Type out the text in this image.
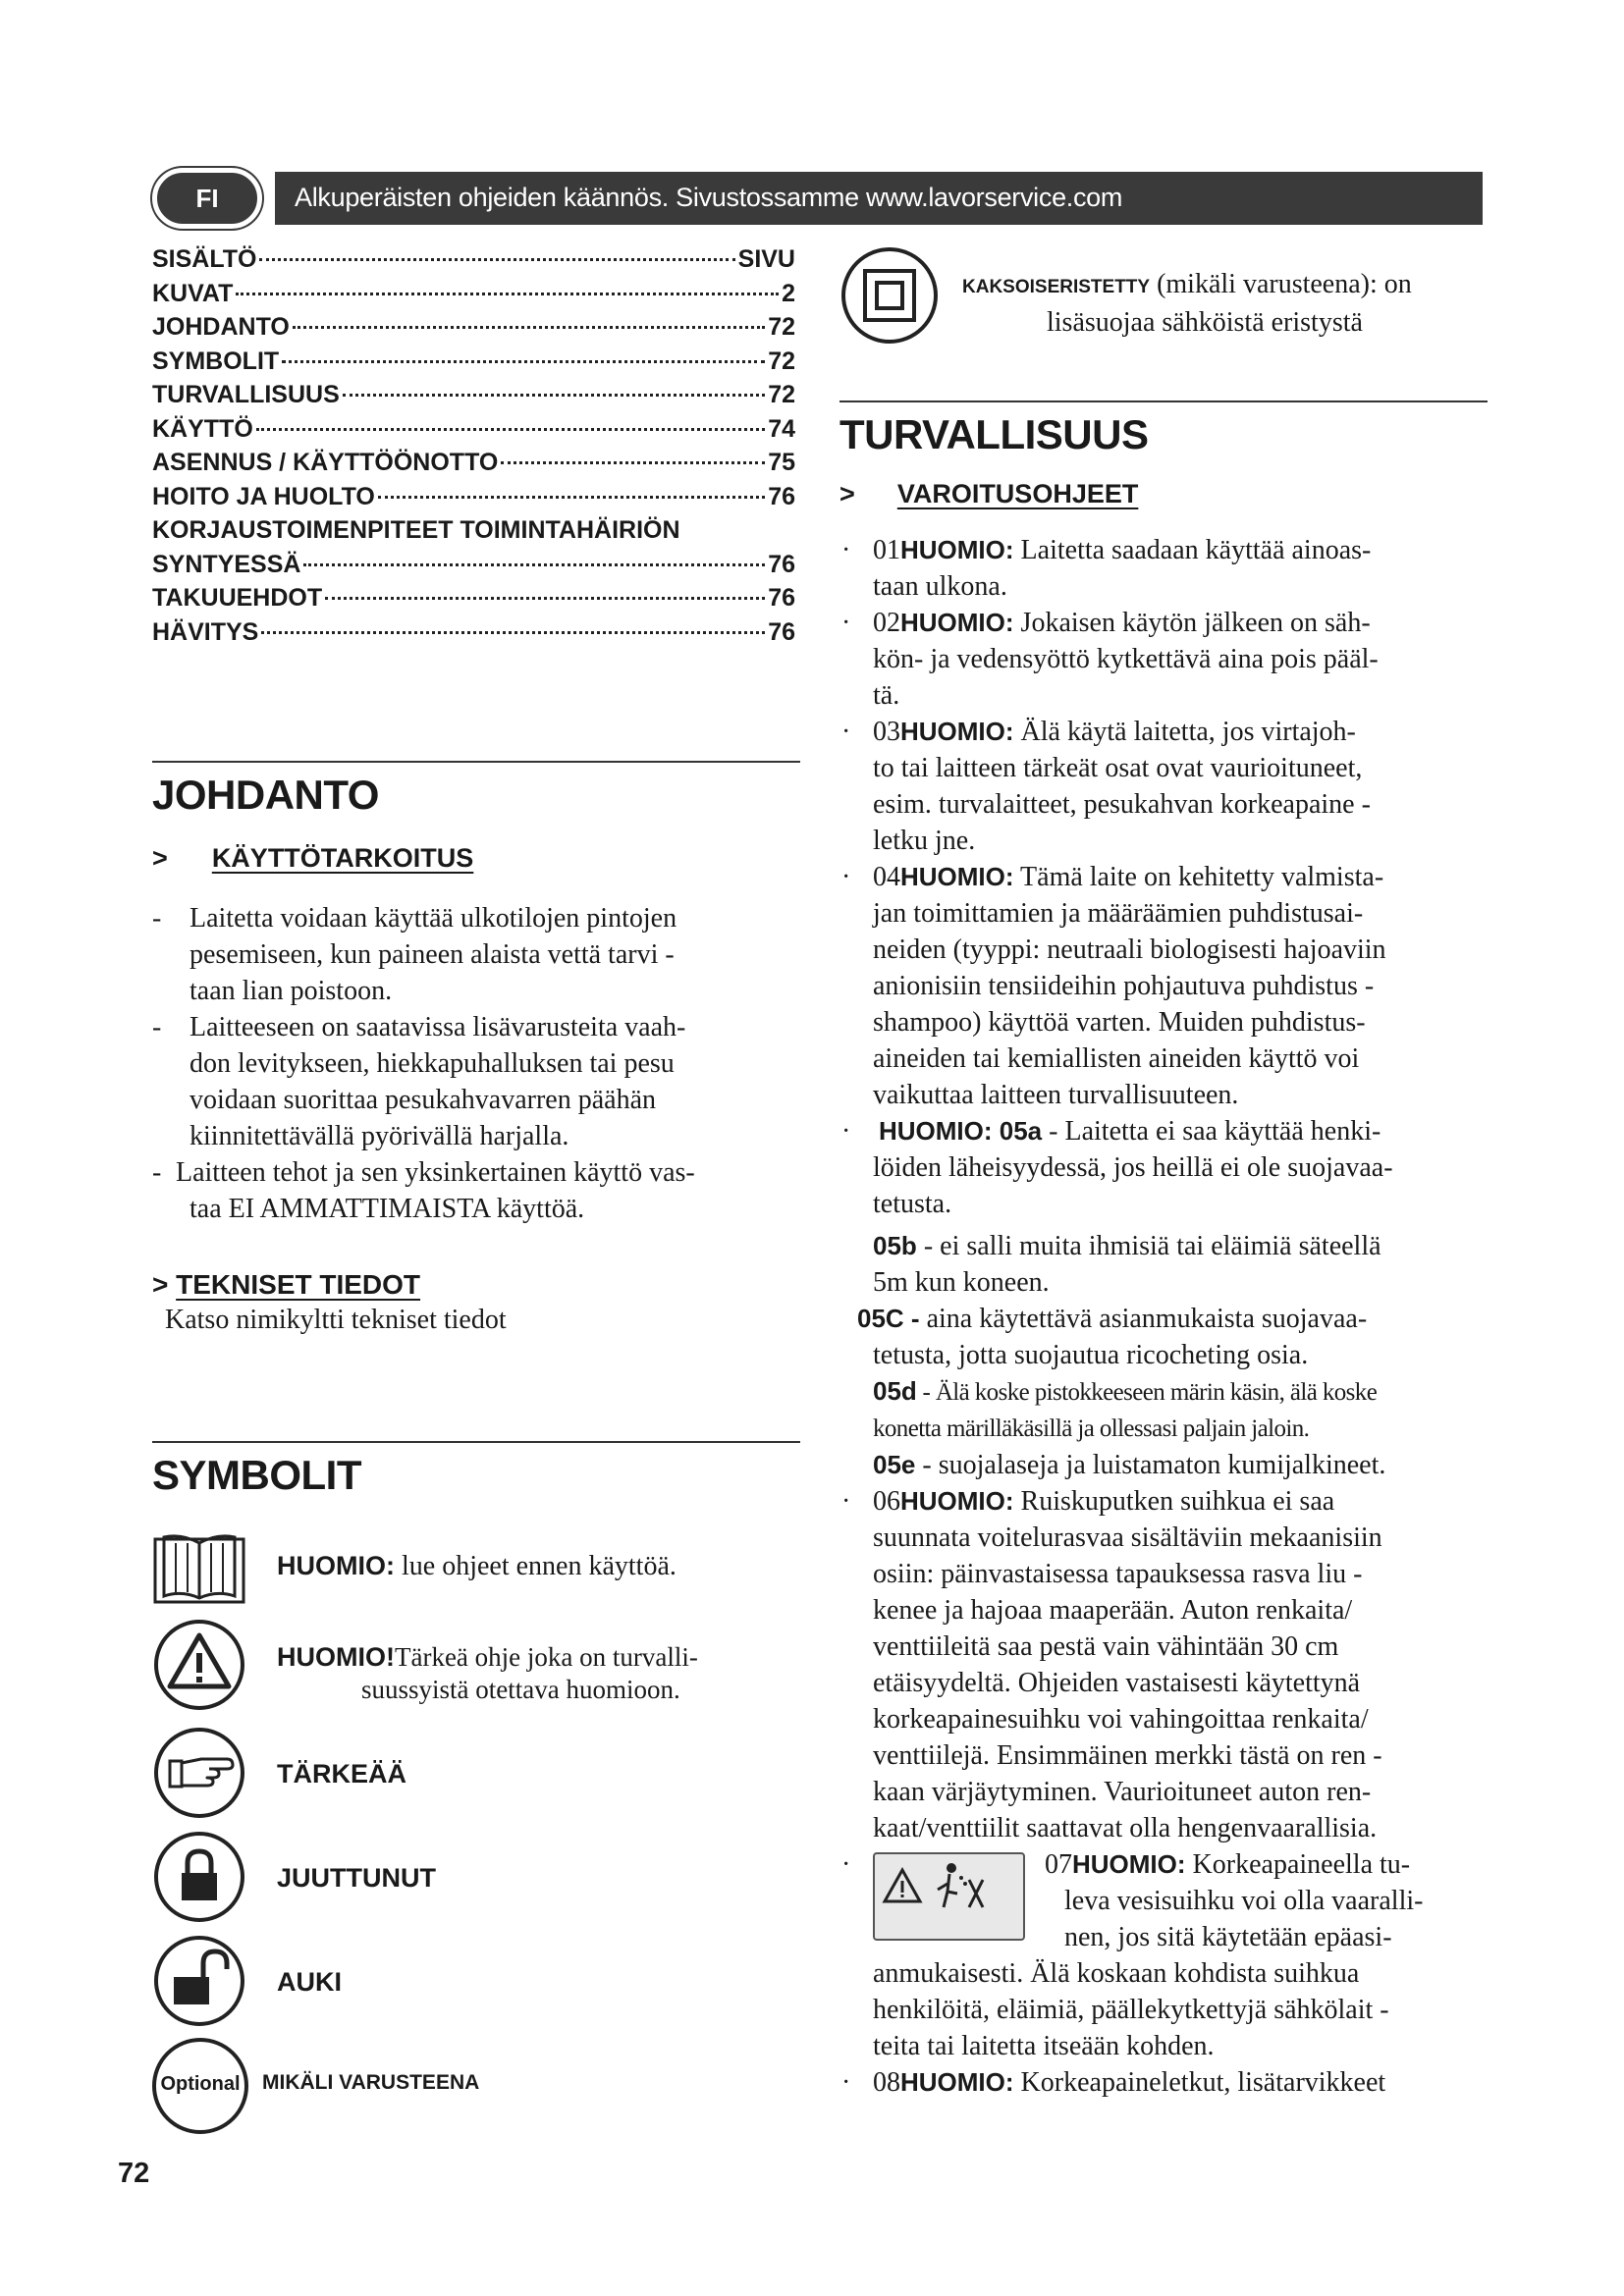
Alkuperäisten ohjeiden käännös. Sivustossamme www.lavorservice.com
FI
SISÄLTÖ	SIVU
KUVAT	2
JOHDANTO	72
SYMBOLIT	72
TURVALLISUUS	72
KÄYTTÖ	74
ASENNUS / KÄYTTÖÖNOTTO	75
HOITO JA HUOLTO	76
KORJAUSTOIMENPITEET TOIMINTAHÄIRIÖN
SYNTYESSÄ	76
TAKUUEHDOT	76
HÄVITYS	76
JOHDANTO
> KÄYTTÖTARKOITUS
- Laitetta voidaan käyttää ulkotilojen pintojen
pesemiseen, kun paineen alaista vettä tarvi -
taan lian poistoon.
- Laitteeseen on saatavissa lisävarusteita vaah-
don levitykseen, hiekkapuhalluksen tai pesu
voidaan suorittaa pesukahvavarren päähän
kiinnitettävällä pyörivällä harjalla.
- Laitteen tehot ja sen yksinkertainen käyttö vas-
taa EI AMMATTIMAISTA käyttöä.
> TEKNISET TIEDOT
Katso nimikyltti tekniset tiedot
SYMBOLIT
HUOMIO: lue ohjeet ennen käyttöä.
HUOMIO!Tärkeä ohje joka on turvalli-
suussyistä otettava huomioon.
TÄRKEÄÄ
JUUTTUNUT
AUKI
Optional	MIKÄLI VARUSTEENA
72
KAKSOISERISTETTY (mikäli varusteena): on
lisäsuojaa sähköistä eristystä
TURVALLISUUS
> VAROITUSOHJEET
· 01HUOMIO: Laitetta saadaan käyttää ainoas-
taan ulkona.
· 02HUOMIO: Jokaisen käytön jälkeen on säh-
kön- ja vedensyöttö kytkettävä aina pois pääl-
tä.
· 03HUOMIO: Älä käytä laitetta, jos virtajoh-
to tai laitteen tärkeät osat ovat vaurioituneet,
esim. turvalaitteet, pesukahvan korkeapaine -
letku jne.
· 04HUOMIO: Tämä laite on kehitetty valmista-
jan toimittamien ja määräämien puhdistusai-
neiden (tyyppi: neutraali biologisesti hajoaviin
anionisiin tensiideihin pohjautuva puhdistus -
shampoo) käyttöä varten. Muiden puhdistus-
aineiden tai kemiallisten aineiden käyttö voi
vaikuttaa laitteen turvallisuuteen.
· HUOMIO: 05a - Laitetta ei saa käyttää henki-
löiden läheisyydessä, jos heillä ei ole suojavaa-
tetusta.
05b - ei salli muita ihmisiä tai eläimiä säteellä
5m kun koneen.
05C - aina käytettävä asianmukaista suojavaa-
tetusta, jotta suojautua ricocheting osia.
05d - Älä koske pistokkeeseen märin käsin, älä koske
konetta märilläkäsillä ja ollessasi paljain jaloin.
05e - suojalaseja ja luistamaton kumijalkineet.
· 06HUOMIO: Ruiskuputken suihkua ei saa
suunnata voitelurasvaa sisältäviin mekaanisiin
osiin: päinvastaisessa tapauksessa rasva liu -
kenee ja hajoaa maaperään. Auton renkaita/
venttiileitä saa pestä vain vähintään 30 cm
etäisyydeltä. Ohjeiden vastaisesti käytettynä
korkeapainesuihku voi vahingoittaa renkaita/
venttiilejä. Ensimmäinen merkki tästä on ren -
kaan värjäytyminen. Vaurioituneet auton ren-
kaat/venttiilit saattavat olla hengenvaarallisia.
·	07HUOMIO: Korkeapaineella tu-
leva vesisuihku voi olla vaaralli-
nen, jos sitä käytetään epäasi-
anmukaisesti. Älä koskaan kohdista suihkua
henkilöitä, eläimiä, päällekytkettyjä sähkölait -
teita tai laitetta itseään kohden.
· 08HUOMIO: Korkeapaineletkut, lisätarvikkeet
